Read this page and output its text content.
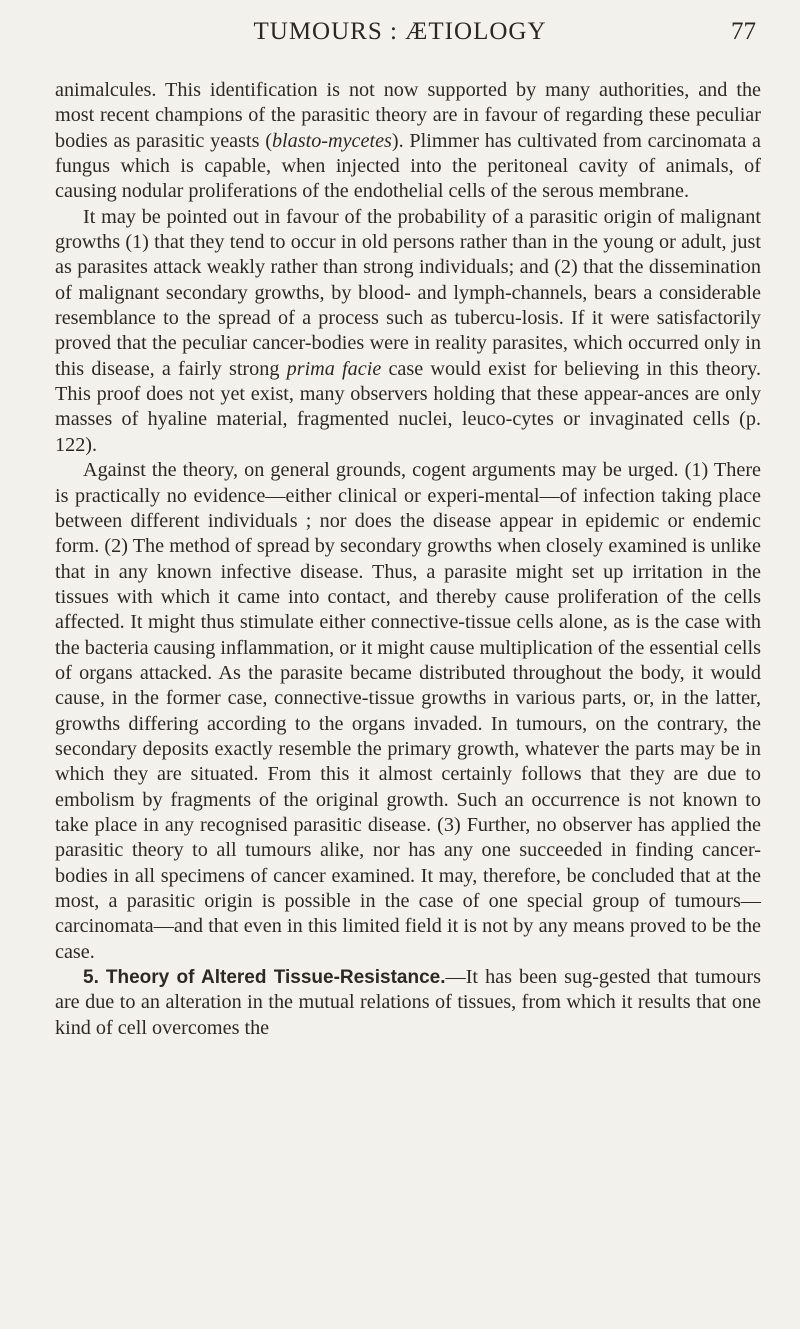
TUMOURS : ÆTIOLOGY	77

animalcules. This identification is not now supported by many authorities, and the most recent champions of the parasitic theory are in favour of regarding these peculiar bodies as parasitic yeasts (blasto-mycetes). Plimmer has cultivated from carcinomata a fungus which is capable, when injected into the peritoneal cavity of animals, of causing nodular proliferations of the endothelial cells of the serous membrane.

It may be pointed out in favour of the probability of a parasitic origin of malignant growths (1) that they tend to occur in old persons rather than in the young or adult, just as parasites attack weakly rather than strong individuals; and (2) that the dissemination of malignant secondary growths, by blood- and lymph-channels, bears a considerable resemblance to the spread of a process such as tubercu-losis. If it were satisfactorily proved that the peculiar cancer-bodies were in reality parasites, which occurred only in this disease, a fairly strong prima facie case would exist for believing in this theory. This proof does not yet exist, many observers holding that these appear-ances are only masses of hyaline material, fragmented nuclei, leuco-cytes or invaginated cells (p. 122).

Against the theory, on general grounds, cogent arguments may be urged. (1) There is practically no evidence—either clinical or experi-mental—of infection taking place between different individuals ; nor does the disease appear in epidemic or endemic form. (2) The method of spread by secondary growths when closely examined is unlike that in any known infective disease. Thus, a parasite might set up irritation in the tissues with which it came into contact, and thereby cause proliferation of the cells affected. It might thus stimulate either connective-tissue cells alone, as is the case with the bacteria causing inflammation, or it might cause multiplication of the essential cells of organs attacked. As the parasite became distributed throughout the body, it would cause, in the former case, connective-tissue growths in various parts, or, in the latter, growths differing according to the organs invaded. In tumours, on the contrary, the secondary deposits exactly resemble the primary growth, whatever the parts may be in which they are situated. From this it almost certainly follows that they are due to embolism by fragments of the original growth. Such an occurrence is not known to take place in any recognised parasitic disease. (3) Further, no observer has applied the parasitic theory to all tumours alike, nor has any one succeeded in finding cancer-bodies in all specimens of cancer examined. It may, therefore, be concluded that at the most, a parasitic origin is possible in the case of one special group of tumours—carcinomata—and that even in this limited field it is not by any means proved to be the case.

5. Theory of Altered Tissue-Resistance.—It has been sug-gested that tumours are due to an alteration in the mutual relations of tissues, from which it results that one kind of cell overcomes the
